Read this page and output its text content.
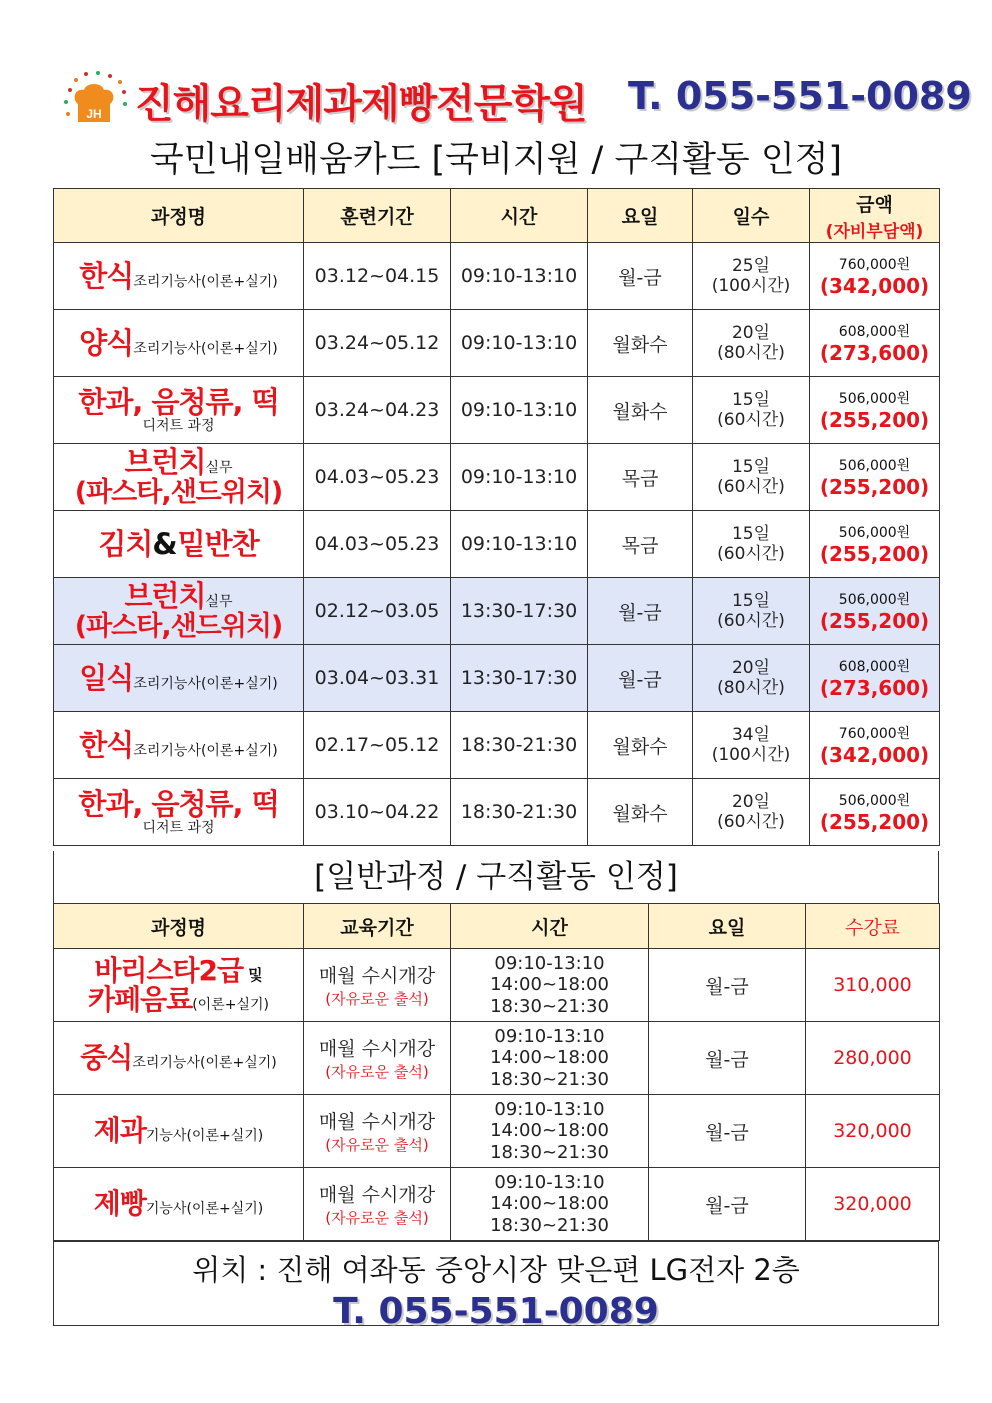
JH 진해요리제과제빵전문학원 T. 055-551-0089
국민내일배움카드 [국비지원 / 구직활동 인정]
과정명	훈련기간	시간	요일	일수	금액
(자비부담액)

한식조리기능사(이론+실기)	03.12~04.15	09:10-13:10	월-금	25일
(100시간)	760,000원
(342,000)

양식조리기능사(이론+실기)	03.24~05.12	09:10-13:10	월화수	20일
(80시간)	608,000원
(273,600)

한과, 음청류, 떡
디저트 과정	03.24~04.23	09:10-13:10	월화수	15일
(60시간)	506,000원
(255,200)

브런치실무
(파스타,샌드위치)	04.03~05.23	09:10-13:10	목금	15일
(60시간)	506,000원
(255,200)

김치&밑반찬	04.03~05.23	09:10-13:10	목금	15일
(60시간)	506,000원
(255,200)

브런치실무
(파스타,샌드위치)	02.12~03.05	13:30-17:30	월-금	15일
(60시간)	506,000원
(255,200)

일식조리기능사(이론+실기)	03.04~03.31	13:30-17:30	월-금	20일
(80시간)	608,000원
(273,600)

한식조리기능사(이론+실기)	02.17~05.12	18:30-21:30	월화수	34일
(100시간)	760,000원
(342,000)

한과, 음청류, 떡
디저트 과정	03.10~04.22	18:30-21:30	월화수	20일
(60시간)	506,000원
(255,200)
[일반과정 / 구직활동 인정]
과정명	교육기간	시간	요일	수강료
바리스타2급 및
카페음료(이론+실기)	매월 수시개강
(자유로운 출석)	09:10-13:10
14:00~18:00
18:30~21:30	월-금	310,000
중식조리기능사(이론+실기)	매월 수시개강
(자유로운 출석)	09:10-13:10
14:00~18:00
18:30~21:30	월-금	280,000
제과기능사(이론+실기)	매월 수시개강
(자유로운 출석)	09:10-13:10
14:00~18:00
18:30~21:30	월-금	320,000
제빵기능사(이론+실기)	매월 수시개강
(자유로운 출석)	09:10-13:10
14:00~18:00
18:30~21:30	월-금	320,000
위치 : 진해 여좌동 중앙시장 맞은편 LG전자 2층
T. 055-551-0089
